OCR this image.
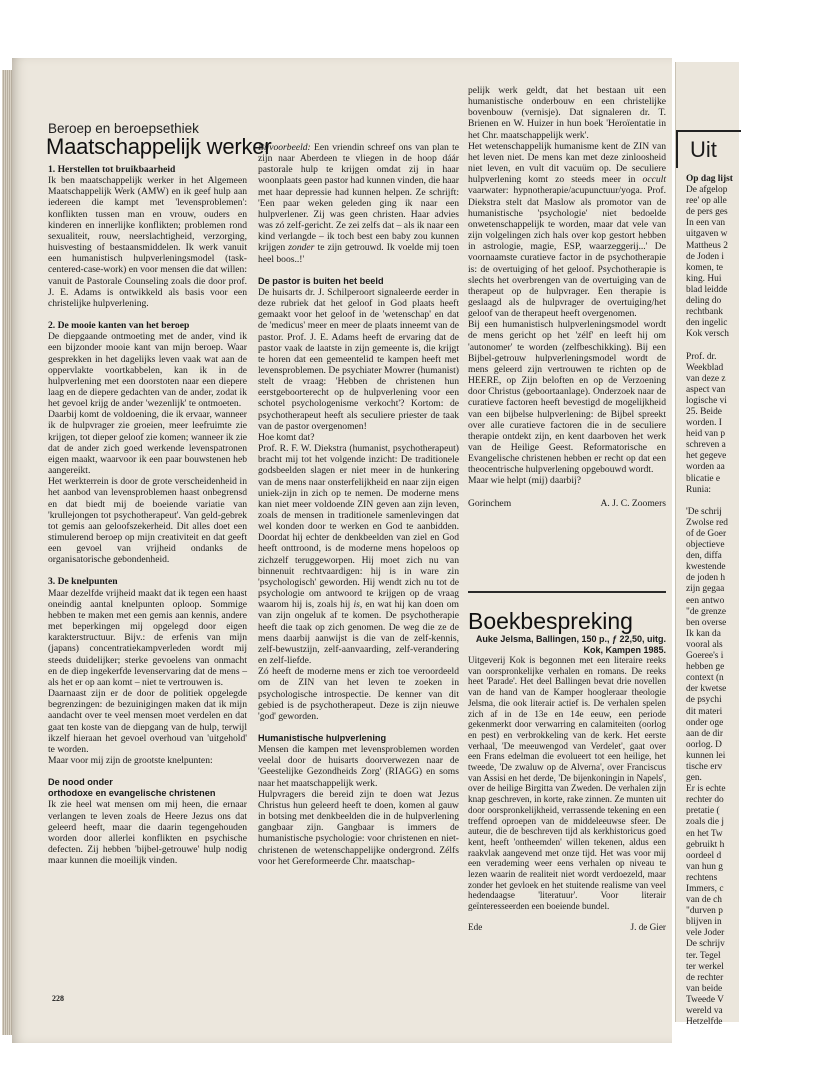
Beroep en beroepsethiek
Maatschappelijk werker

1. Herstellen tot bruikbaarheid

Ik ben maatschappelijk werker in het Algemeen Maatschappelijk Werk (AMW) en ik geef hulp aan iedereen die kampt met 'levensproblemen': konflikten tussen man en vrouw, ouders en kinderen en innerlijke konflikten; problemen rond sexualiteit, rouw, neerslachtigheid, verzorging, huisvesting of bestaansmiddelen. Ik werk vanuit een humanistisch hulpverleningsmodel (task-centered-case-work) en voor mensen die dat willen: vanuit de Pastorale Counseling zoals die door prof. J. E. Adams is ontwikkeld als basis voor een christelijke hulpverlening.

2. De mooie kanten van het beroep

De diepgaande ontmoeting met de ander, vind ik een bijzonder mooie kant van mijn beroep. Waar gesprekken in het dagelijks leven vaak wat aan de oppervlakte voortkabbelen, kan ik in de hulpverlening met een doorstoten naar een diepere laag en de diepere gedachten van de ander, zodat ik het gevoel krijg de ander 'wezenlijk' te ontmoeten.

Daarbij komt de voldoening, die ik ervaar, wanneer ik de hulpvrager zie groeien, meer leefruimte zie krijgen, tot dieper geloof zie komen; wanneer ik zie dat de ander zich goed werkende levenspatronen eigen maakt, waarvoor ik een paar bouwstenen heb aangereikt.

Het werkterrein is door de grote verscheidenheid in het aanbod van levensproblemen haast onbegrensd en dat biedt mij de boeiende variatie van 'krullejongen tot psychotherapeut'. Van geld-gebrek tot gemis aan geloofszekerheid. Dit alles doet een stimulerend beroep op mijn creativiteit en dat geeft een gevoel van vrijheid ondanks de organisatorische gebondenheid.

3. De knelpunten

Maar dezelfde vrijheid maakt dat ik tegen een haast oneindig aantal knelpunten oploop. Sommige hebben te maken met een gemis aan kennis, andere met beperkingen mij opgelegd door eigen karakterstructuur. Bijv.: de erfenis van mijn (japans) concentratiekampverleden wordt mij steeds duidelijker; sterke gevoelens van onmacht en de diep ingekerfde levenservaring dat de mens – als het er op aan komt – niet te vertrouwen is.

Daarnaast zijn er de door de politiek opgelegde begrenzingen: de bezuinigingen maken dat ik mijn aandacht over te veel mensen moet verdelen en dat gaat ten koste van de diepgang van de hulp, terwijl ikzelf hieraan het gevoel overhoud van 'uitgehold' te worden.

Maar voor mij zijn de grootste knelpunten:

De nood onder

orthodoxe en evangelische christenen

Ik zie heel wat mensen om mij heen, die ernaar verlangen te leven zoals de Heere Jezus ons dat geleerd heeft, maar die daarin tegengehouden worden door allerlei konflikten en psychische defecten. Zij hebben 'bijbel-getrouwe' hulp nodig maar kunnen die moeilijk vinden.

Bijvoorbeeld: Een vriendin schreef ons van plan te zijn naar Aberdeen te vliegen in de hoop dáár pastorale hulp te krijgen omdat zij in haar woonplaats geen pastor had kunnen vinden, die haar met haar depressie had kunnen helpen. Ze schrijft: 'Een paar weken geleden ging ik naar een hulpverlener. Zij was geen christen. Haar advies was zó zelf-gericht. Ze zei zelfs dat – als ik naar een kind verlangde – ik toch best een baby zou kunnen krijgen zonder te zijn getrouwd. Ik voelde mij toen heel boos..!'

De pastor is buiten het beeld

De huisarts dr. J. Schilperoort signaleerde eerder in deze rubriek dat het geloof in God plaats heeft gemaakt voor het geloof in de 'wetenschap' en dat de 'medicus' meer en meer de plaats inneemt van de pastor. Prof. J. E. Adams heeft de ervaring dat de pastor vaak de laatste in zijn gemeente is, die krijgt te horen dat een gemeentelid te kampen heeft met levensproblemen. De psychiater Mowrer (humanist) stelt de vraag: 'Hebben de christenen hun eerstgeboorterecht op de hulpverlening voor een schotel psychologenisme verkocht'? Kortom: de psychotherapeut heeft als seculiere priester de taak van de pastor overgenomen!

Hoe komt dat?

Prof. R. F. W. Diekstra (humanist, psychotherapeut) bracht mij tot het volgende inzicht: De traditionele godsbeelden slagen er niet meer in de hunkering van de mens naar onsterfelijkheid en naar zijn eigen uniek-zijn in zich op te nemen. De moderne mens kan niet meer voldoende ZIN geven aan zijn leven, zoals de mensen in traditionele samenlevingen dat wel konden door te werken en God te aanbidden. Doordat hij echter de denkbeelden van ziel en God heeft onttroond, is de moderne mens hopeloos op zichzelf teruggeworpen. Hij moet zich nu van binnenuit rechtvaardigen: hij is in ware zin 'psychologisch' geworden. Hij wendt zich nu tot de psychologie om antwoord te krijgen op de vraag waarom hij is, zoals hij is, en wat hij kan doen om van zijn ongeluk af te komen. De psychotherapie heeft die taak op zich genomen. De weg die ze de mens daarbij aanwijst is die van de zelf-kennis, zelf-bewustzijn, zelf-aanvaarding, zelf-verandering en zelf-liefde.

Zó heeft de moderne mens er zich toe veroordeeld om de ZIN van het leven te zoeken in psychologische introspectie. De kenner van dit gebied is de psychotherapeut. Deze is zijn nieuwe 'god' geworden.

Humanistische hulpverlening

Mensen die kampen met levensproblemen worden veelal door de huisarts doorverwezen naar de 'Geestelijke Gezondheids Zorg' (RIAGG) en soms naar het maatschappelijk werk.

Hulpvragers die bereid zijn te doen wat Jezus Christus hun geleerd heeft te doen, komen al gauw in botsing met denkbeelden die in de hulpverlening gangbaar zijn. Gangbaar is immers de humanistische psychologie: voor christenen en niet-christenen de wetenschappelijke ondergrond. Zélfs voor het Gereformeerde Chr. maatschap-

pelijk werk geldt, dat het bestaan uit een humanistische onderbouw en een christelijke bovenbouw (vernisje). Dat signaleren dr. T. Brienen en W. Huizer in hun boek 'Heroïentatie in het Chr. maatschappelijk werk'.

Het wetenschappelijk humanisme kent de ZIN van het leven niet. De mens kan met deze zinloosheid niet leven, en vult dit vacuüm op. De seculiere hulpverlening komt zo steeds meer in occult vaarwater: hypnotherapie/acupunctuur/yoga. Prof. Diekstra stelt dat Maslow als promotor van de humanistische 'psychologie' niet bedoelde onwetenschappelijk te worden, maar dat vele van zijn volgelingen zich hals over kop gestort hebben in astrologie, magie, ESP, waarzeggerij...' De voornaamste curatieve factor in de psychotherapie is: de overtuiging of het geloof. Psychotherapie is slechts het overbrengen van de overtuiging van de therapeut op de hulpvrager. Een therapie is geslaagd als de hulpvrager de overtuiging/het geloof van de therapeut heeft overgenomen.

Bij een humanistisch hulpverleningsmodel wordt de mens gericht op het 'zélf' en leeft hij om 'autonomer' te worden (zelfbeschikking). Bij een Bijbel-getrouw hulpverleningsmodel wordt de mens geleerd zijn vertrouwen te richten op de HEERE, op Zijn beloften en op de Verzoening door Christus (geboortaanlage). Onderzoek naar de curatieve factoren heeft bevestigd de mogelijkheid van een bijbelse hulpverlening: de Bijbel spreekt over alle curatieve factoren die in de seculiere therapie ontdekt zijn, en kent daarboven het werk van de Heilige Geest. Reformatorische en Evangelische christenen hebben er recht op dat een theocentrische hulpverlening opgebouwd wordt.

Maar wie helpt (mij) daarbij?

Gorinchem	A. J. C. Zoomers

Boekbespreking

Auke Jelsma, Ballingen, 150 p., ƒ 22,50, uitg. Kok, Kampen 1985.

Uitgeverij Kok is begonnen met een literaire reeks van oorspronkelijke verhalen en romans. De reeks heet 'Parade'. Het deel Ballingen bevat drie novellen van de hand van de Kamper hoogleraar theologie Jelsma, die ook literair actief is. De verhalen spelen zich af in de 13e en 14e eeuw, een periode gekenmerkt door verwarring en calamiteiten (oorlog en pest) en verbrokkeling van de kerk. Het eerste verhaal, 'De meeuwengod van Verdelet', gaat over een Frans edelman die evolueert tot een heilige, het tweede, 'De zwaluw op de Alverna', over Franciscus van Assisi en het derde, 'De bijenkoningin in Napels', over de heilige Birgitta van Zweden. De verhalen zijn knap geschreven, in korte, rake zinnen. Ze munten uit door oorspronkelijkheid, verrassende tekening en een treffend oproepen van de middeleeuwse sfeer. De auteur, die de beschreven tijd als kerkhistoricus goed kent, heeft 'ontheemden' willen tekenen, aldus een raakvlak aangevend met onze tijd. Het was voor mij een verademing weer eens verhalen op niveau te lezen waarin de realiteit niet wordt verdoezeld, maar zonder het gevloek en het stuitende realisme van veel hedendaagse 'literatuur'. Voor literair geïnteresseerden een boeiende bundel.

Ede	J. de Gier

228
Uit

Op dag lijst

De afgelop

ree' op alle

de pers ges

In een van

uitgaven w

Mattheus 2

de Joden i

komen, te

king. Hui

blad leidde

deling do

rechtbank

den ingelic

Kok versch

Prof. dr.

Weekblad

van deze z

aspect van

logische vi

25. Beide

worden. I

heid van p

schreven a

het gegeve

worden aa

blicatie e

Runia:

'De schrij

Zwolse red

of de Goer

objectieve

den, diffa

kwestende

de joden h

zijn gegaa

een antwo

"de grenze

ben overse

Ik kan da

vooral als

Goeree's i

hebben ge

context (n

der kwetse

de psychi

dit materi

onder oge

aan de dir

oorlog. D

kunnen lei

tische erv

gen.

Er is echte

rechter do

pretatie (

zoals die j

en het Tw

gebruikt h

oordeel d

van hun g

rechtens

Immers, c

van de ch

"durven p

blijven in

vele Joder

De schrijv

ter. Tegel

ter werkel

de rechter

van beide

Tweede V

wereld va

Hetzelfde
